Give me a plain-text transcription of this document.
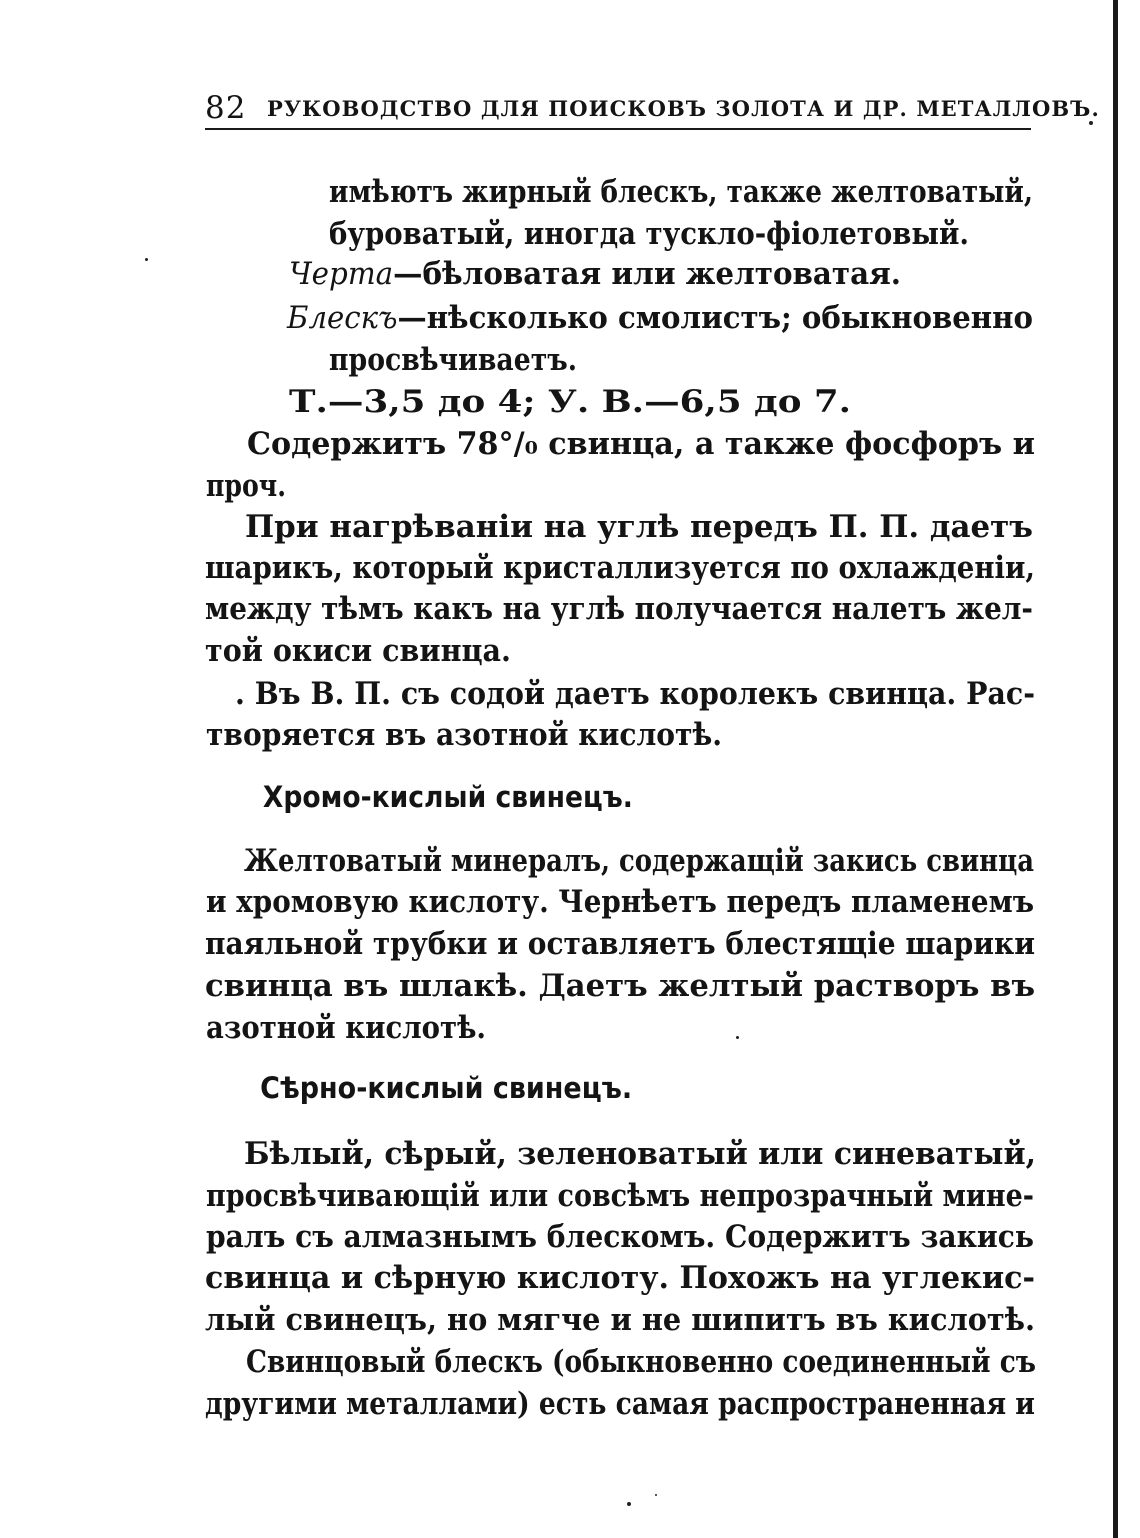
82 РУКОВОДСТВО ДЛЯ ПОИСКОВЪ ЗОЛОТА И ДР. МЕТАЛЛОВЪ.
имѣютъ жирный блескъ, также желтоватый,
буроватый, иногда тускло-фіолетовый.
Черта—бѣловатая или желтоватая.
Блескъ—нѣсколько смолистъ; обыкновенно
просвѣчиваетъ.
Т.—3,5 до 4; У. В.—6,5 до 7.
Содержитъ 78°/₀ свинца, а также фосфоръ и
проч.
При нагрѣваніи на углѣ передъ П. П. даетъ
шарикъ, который кристаллизуется по охлажденіи,
между тѣмъ какъ на углѣ получается налетъ жел-
той окиси свинца.
. Въ В. П. съ содой даетъ королекъ свинца. Рас-
творяется въ азотной кислотѣ.
Хромо-кислый свинецъ.
Желтоватый минералъ, содержащій закись свинца
и хромовую кислоту. Чернѣетъ передъ пламенемъ
паяльной трубки и оставляетъ блестящіе шарики
свинца въ шлакѣ. Даетъ желтый растворъ въ
азотной кислотѣ.
Сѣрно-кислый свинецъ.
Бѣлый, сѣрый, зеленоватый или синеватый,
просвѣчивающій или совсѣмъ непрозрачный мине-
ралъ съ алмазнымъ блескомъ. Содержитъ закись
свинца и сѣрную кислоту. Похожъ на углекис-
лый свинецъ, но мягче и не шипитъ въ кислотѣ.
Свинцовый блескъ (обыкновенно соединенный съ
другими металлами) есть самая распространенная и
